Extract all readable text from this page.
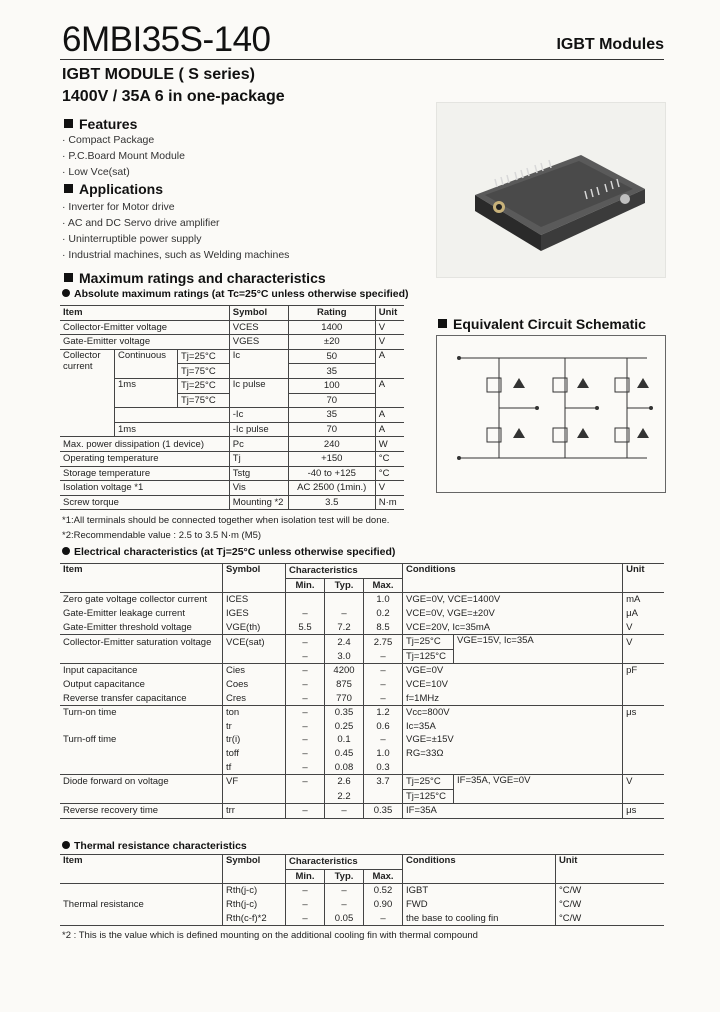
6MBI35S-140	IGBT Modules
IGBT MODULE ( S series)
1400V / 35A 6 in one-package
Features
· Compact Package
· P.C.Board Mount Module
· Low Vce(sat)
Applications
· Inverter for Motor drive
· AC and DC Servo drive amplifier
· Uninterruptible power supply
· Industrial machines, such as Welding machines
Maximum ratings and characteristics
Absolute maximum ratings (at Tc=25°C unless otherwise specified)
Item			Symbol	Rating	Unit
Collector-Emitter voltage			VCES	1400	V
Gate-Emitter voltage			VGES	±20	V

Collector
current	Continuous	Tj=25°C	Ic	50	A
		Tj=75°C		35	
	1ms	Tj=25°C	Ic pulse	100	A
		Tj=75°C		70	
			-Ic	35	A
	1ms		-Ic pulse	70	A
Max. power dissipation (1 device)			Pc	240	W
Operating temperature			Tj	+150	°C
Storage temperature			Tstg	-40 to +125	°C
Isolation voltage *1			Vis	AC 2500 (1min.)	V
Screw torque			Mounting *2	3.5	N·m
*1:All terminals should be connected together when isolation test will be done.
*2:Recommendable value : 2.5 to 3.5 N·m (M5)
Equivalent Circuit Schematic
Electrical characteristics (at Tj=25°C unless otherwise specified)
Item	Symbol	Characteristics			Conditions		Unit
		Min.	Typ.	Max.			
Zero gate voltage collector current	ICES			1.0	VGE=0V, VCE=1400V		mA
Gate-Emitter leakage current	IGES	–	–	0.2	VCE=0V, VGE=±20V		μA
Gate-Emitter threshold voltage	VGE(th)	5.5	7.2	8.5	VCE=20V, Ic=35mA		V
Collector-Emitter saturation voltage	VCE(sat)	–	2.4	2.75	Tj=25°C	VGE=15V, Ic=35A	V
		–	3.0	–	Tj=125°C		
Input capacitance	Cies	–	4200	–	VGE=0V		pF
Output capacitance	Coes	–	875	–	VCE=10V		
Reverse transfer capacitance	Cres	–	770	–	f=1MHz		
Turn-on time	ton	–	0.35	1.2	Vcc=800V		μs
	tr	–	0.25	0.6	Ic=35A		
Turn-off time	tr(i)	–	0.1	–	VGE=±15V		
	toff	–	0.45	1.0	RG=33Ω		
	tf	–	0.08	0.3			
Diode forward on voltage	VF	–	2.6	3.7	Tj=25°C	IF=35A, VGE=0V	V
			2.2		Tj=125°C		
Reverse recovery time	trr	–	–	0.35	IF=35A		μs
Thermal resistance characteristics
Item	Symbol	Characteristics			Conditions	Unit
		Min.	Typ.	Max.		
Thermal resistance	Rth(j-c)	–	–	0.52	IGBT	°C/W
	Rth(j-c)	–	–	0.90	FWD	°C/W
	Rth(c-f)*2	–	0.05	–	the base to cooling fin	°C/W
*2 : This is the value which is defined mounting on the additional cooling fin with thermal compound
